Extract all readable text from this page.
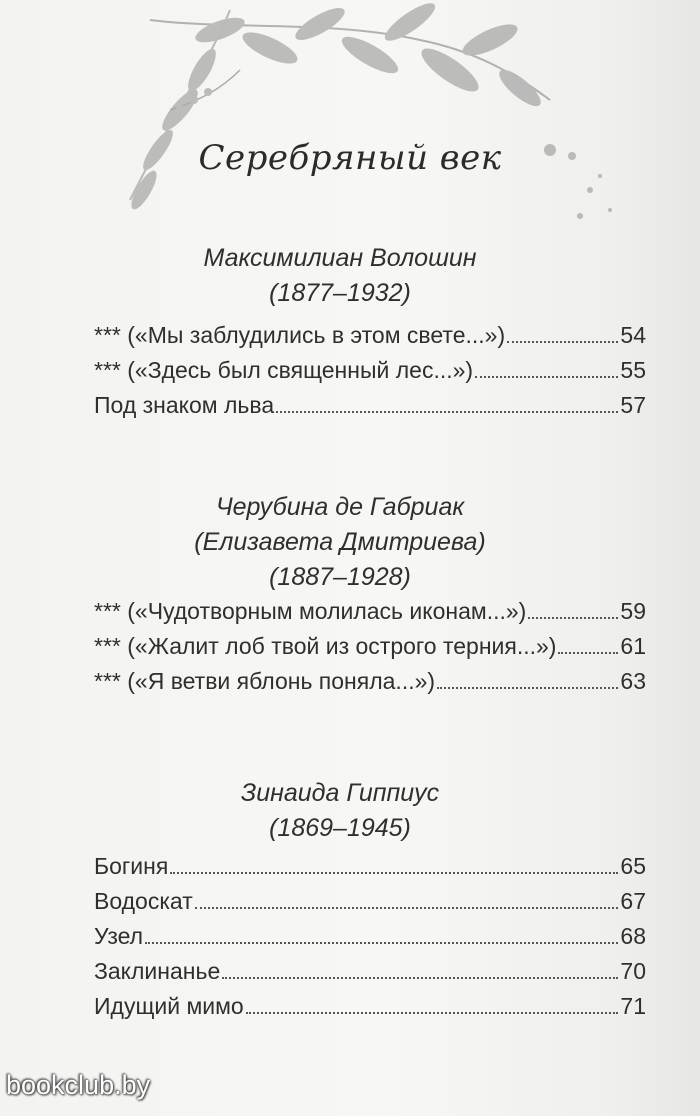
Серебряный век
Максимилиан Волошин
(1877–1932)
*** («Мы заблудились в этом свете...»)	54
*** («Здесь был священный лес...»)	55
Под знаком льва	57
Черубина де Габриак
(Елизавета Дмитриева)
(1887–1928)
*** («Чудотворным молилась иконам...»)	59
*** («Жалит лоб твой из острого терния...»)	61
*** («Я ветви яблонь поняла...»)	63
Зинаида Гиппиус
(1869–1945)
Богиня	65
Водоскат	67
Узел	68
Заклинанье	70
Идущий мимо	71
bookclub.by
